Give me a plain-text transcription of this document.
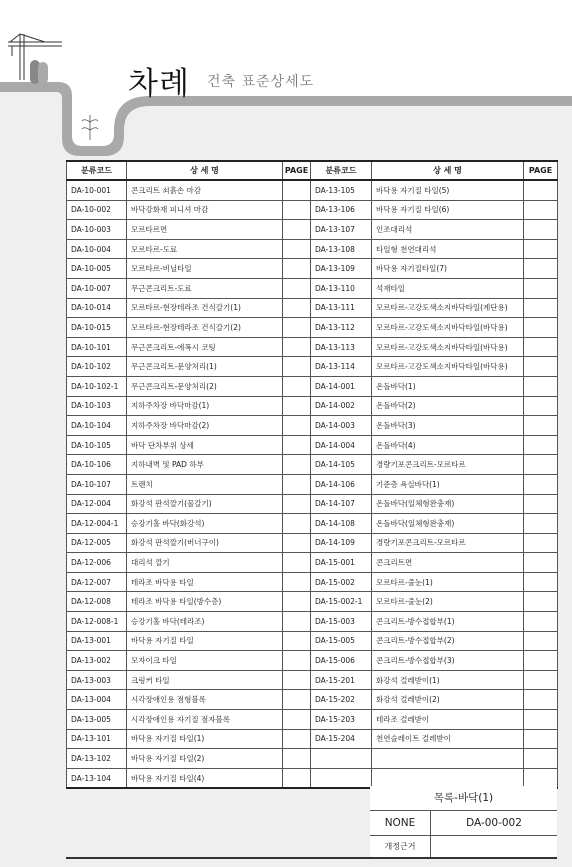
차례 건축 표준상세도
분류코드	상 세 명	PAGE	분류코드	상 세 명	PAGE
DA-10-001	콘크리트 쇠흙손 마감		DA-13-105	바닥용 자기질 타일(5)	
DA-10-002	바닥강화재 피니셔 마감		DA-13-106	바닥용 자기질 타일(6)	
DA-10-003	모르타르면		DA-13-107	인조대리석	
DA-10-004	모르타르-도료		DA-13-108	타일형 천연대리석	
DA-10-005	모르타르-비닐타일		DA-13-109	바닥용 자기질타일(7)	
DA-10-007	무근콘크리트-도료		DA-13-110	석재타일	
DA-10-014	모르타르-현장테라조 건식갈기(1)		DA-13-111	모르타르-고강도색소지바닥타일(계단용)	
DA-10-015	모르타르-현장테라조 건식갈기(2)		DA-13-112	모르타르-고강도색소지바닥타일(바닥용)	
DA-10-101	무근콘크리트-에폭시 코팅		DA-13-113	모르타르-고강도색소지바닥타일(바닥용)	
DA-10-102	무근콘크리트-문양처리(1)		DA-13-114	모르타르-고강도색소지바닥타일(바닥용)	
DA-10-102-1	무근콘크리트-문양처리(2)		DA-14-001	온돌바닥(1)	
DA-10-103	지하주차장 바닥마감(1)		DA-14-002	온돌바닥(2)	
DA-10-104	지하주차장 바닥마감(2)		DA-14-003	온돌바닥(3)	
DA-10-105	바닥 단차부위 상세		DA-14-004	온돌바닥(4)	
DA-10-106	지하내벽 및 PAD 하부		DA-14-105	경량기포콘크리트-모르타르	
DA-10-107	트렌치		DA-14-106	기준층 욕실바닥(1)	
DA-12-004	화강석 판석깔기(물갈기)		DA-14-107	온돌바닥(일체형완충재)	
DA-12-004-1	승강기홀 바닥(화강석)		DA-14-108	온돌바닥(일체형완충재)	
DA-12-005	화강석 판석깔기(버너구이)		DA-14-109	경량기포콘크리트-모르타르	
DA-12-006	대리석 깔기		DA-15-001	콘크리트면	
DA-12-007	테라조 바닥용 타일		DA-15-002	모르타르-줄눈(1)	
DA-12-008	테라조 바닥용 타일(방수층)		DA-15-002-1	모르타르-줄눈(2)	
DA-12-008-1	승강기홀 바닥(테라조)		DA-15-003	콘크리트-방수접합부(1)	
DA-13-001	바닥용 자기질 타일		DA-15-005	콘크리트-방수접합부(2)	
DA-13-002	모자이크 타일		DA-15-006	콘크리트-방수접합부(3)	
DA-13-003	크링커 타일		DA-15-201	화강석 걸레받이(1)	
DA-13-004	시각장애인용 점형블록		DA-15-202	화강석 걸레받이(2)	
DA-13-005	시각장애인용 자기질 점자블록		DA-15-203	테라조 걸레받이	
DA-13-101	바닥용 자기질 타일(1)		DA-15-204	천연슬레이트 걸레받이	
DA-13-102	바닥용 자기질 타일(2)				
DA-13-104	바닥용 자기질 타일(4)				
목록-바닥(1)
NONE	DA-00-002
개정근거
